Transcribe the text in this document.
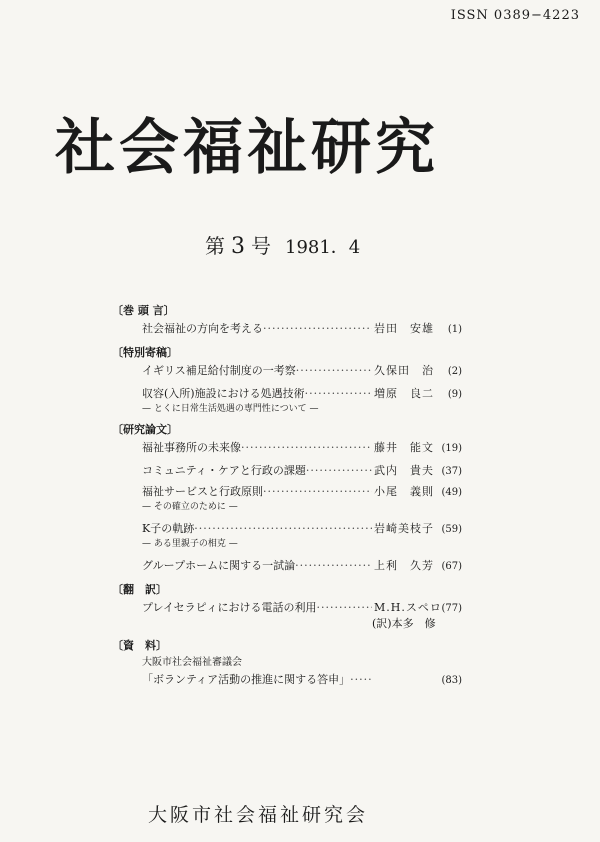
ISSN 0389−4223
社会福祉研究
第 3 号 1981．4
〔巻 頭 言〕
社会福祉の方向を考える ·····	岩田　安雄	(1)
〔特別寄稿〕
イギリス補足給付制度の一考察 ·····	久保田　治	(2)
収容(入所)施設における処遇技術 ·····	増原　良二	(9)
— とくに日常生活処遇の専門性について —
〔研究論文〕
福祉事務所の未来像 ·····	藤井　能文 (19)
コミュニティ・ケアと行政の課題 ·····	武内　貴夫 (37)
福祉サービスと行政原則 ·····	小尾　義則 (49)
— その確立のために —
K子の軌跡 ·····	岩崎美枝子 (59)
— ある里親子の相克 —
グループホームに関する一試論 ·····	上利　久芳 (67)
〔翻　訳〕
プレイセラピィにおける電話の利用 ·····	M.H.スペロ (77)
(訳)本多　修
〔資　料〕
大阪市社会福祉審議会
「ボランティア活動の推進に関する答申」 ·····	(83)
大阪市社会福祉研究会
